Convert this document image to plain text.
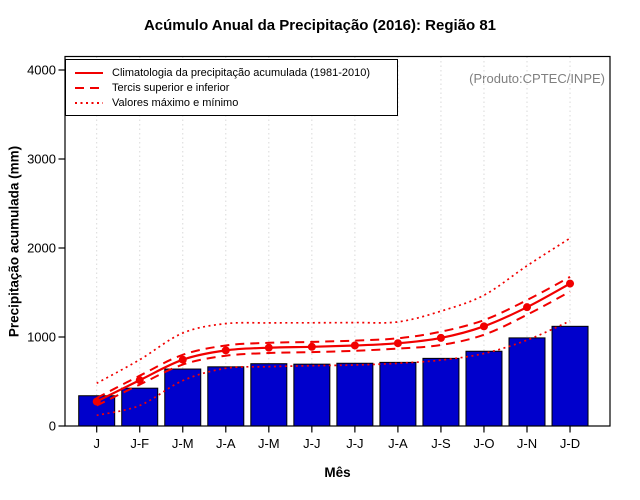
Acúmulo Anual da Precipitação (2016): Região 81
(Produto:CPTEC/INPE)
0
1000
2000
3000
4000
J J-F J-M J-A J-M J-J J-J J-A J-S J-O J-N J-D
Climatologia da precipitação acumulada (1981-2010)
Tercis superior e inferior
Valores máximo e mínimo
Precipitação acumulada (mm)
Mês
